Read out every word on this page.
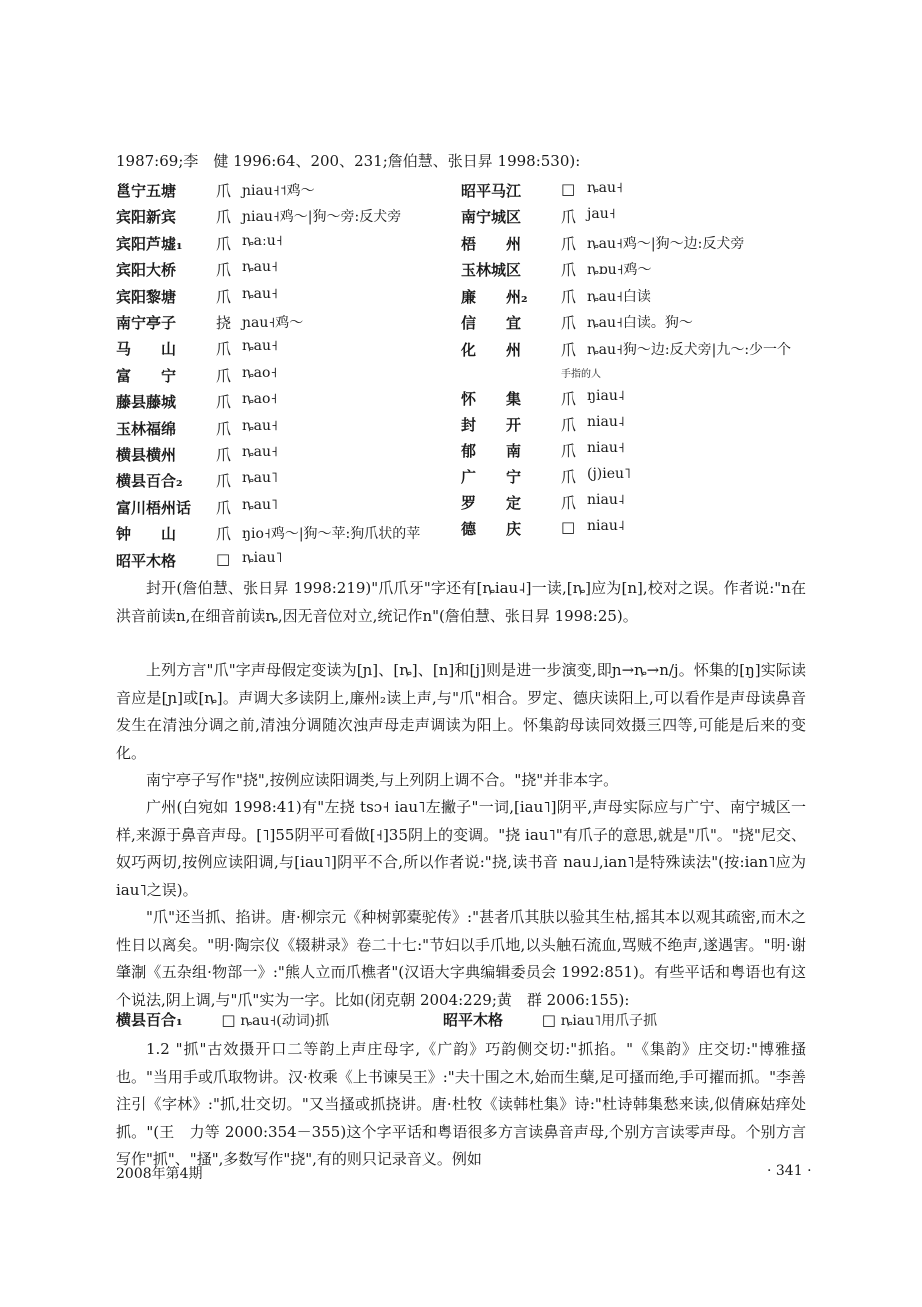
1987:69;李　健 1996:64、200、231;詹伯慧、张日昇 1998:530):
邕宁五塘	爪 ɲiau˧˦鸡～
宾阳新宾	爪 ɲiau˧鸡～|狗～旁:反犬旁
宾阳芦墟₁ 爪 ȵaːu˧
宾阳大桥	爪 ȵau˧
宾阳黎塘	爪 ȵau˧
南宁亭子	挠 ɲau˧鸡～
马　　山	爪 ȵau˧
富　　宁	爪 ȵao˧
藤县藤城	爪 ȵao˧
玉林福绵	爪 ȵau˧
横县横州	爪 ȵau˧
横县百合₂ 爪 ȵau˥
富川梧州话 爪 ȵau˥
钟　　山	爪 ŋio˧鸡～|狗～苹:狗爪状的苹
昭平木格	□ ȵiau˥
昭平马江	□ ȵau˧
南宁城区	爪 jau˧
梧　　州	爪 ȵau˧鸡～|狗～边:反犬旁
玉林城区	爪 ȵɒu˧鸡～
廉　　州₂ 爪 ȵau˧白读
信　　宜	爪 ȵau˧白读。狗～
化　　州	爪 ȵau˧狗～边:反犬旁|九～:少一个
怀　　集	爪 ŋiau˨
封　　开	爪 niau˨
郁　　南	爪 niau˧
广　　宁	爪 (j)ieu˥
罗　　定	爪 niau˨
德　　庆	□ niau˨
手指的人
封开(詹伯慧、张日昇 1998:219)"爪爪牙"字还有[ȵiau˨]一读,[ȵ]应为[n],校对之误。作者说:"n在洪音前读n,在细音前读ȵ,因无音位对立,统记作n"(詹伯慧、张日昇 1998:25)。
上列方言"爪"字声母假定变读为[ɲ]、[ȵ]、[n]和[j]则是进一步演变,即ɲ→ȵ→n/j。怀集的[ŋ]实际读音应是[ɲ]或[ȵ]。声调大多读阴上,廉州₂读上声,与"爪"相合。罗定、德庆读阳上,可以看作是声母读鼻音发生在清浊分调之前,清浊分调随次浊声母走声调读为阳上。怀集韵母读同效摄三四等,可能是后来的变化。
南宁亭子写作"挠",按例应读阳调类,与上列阴上调不合。"挠"并非本字。
广州(白宛如 1998:41)有"左挠 tsɔ˧ iau˥左撇子"一词,[iau˥]阴平,声母实际应与广宁、南宁城区一样,来源于鼻音声母。[˥]55阴平可看做[˧]35阴上的变调。"挠 iau˥"有爪子的意思,就是"爪"。"挠"尼交、奴巧两切,按例应读阳调,与[iau˥]阴平不合,所以作者说:"挠,读书音 nau˩,ian˥是特殊读法"(按:ian˥应为iau˥之误)。
"爪"还当抓、掐讲。唐·柳宗元《种树郭橐驼传》:"甚者爪其肤以验其生枯,摇其本以观其疏密,而木之性日以离矣。"明·陶宗仪《辍耕录》卷二十七:"节妇以手爪地,以头触石流血,骂贼不绝声,遂遇害。"明·谢肇淛《五杂组·物部一》:"熊人立而爪樵者"(汉语大字典编辑委员会 1992:851)。有些平话和粤语也有这个说法,阴上调,与"爪"实为一字。比如(闭克朝 2004:229;黄　群 2006:155):
横县百合₁	□ ȵau˧(动词)抓	昭平木格	□ ȵiau˥用爪子抓
1.2 "抓"古效摄开口二等韵上声庄母字,《广韵》巧韵侧交切:"抓掐。"《集韵》庄交切:"博雅搔也。"当用手或爪取物讲。汉·枚乘《上书谏吴王》:"夫十围之木,始而生蘖,足可搔而绝,手可擢而抓。"李善注引《字林》:"抓,壮交切。"又当搔或抓挠讲。唐·杜牧《读韩杜集》诗:"杜诗韩集愁来读,似倩麻姑痒处抓。"(王　力等 2000:354－355)这个字平话和粤语很多方言读鼻音声母,个别方言读零声母。个别方言写作"抓"、"搔",多数写作"挠",有的则只记录音义。例如
2008年第4期	· 341 ·
